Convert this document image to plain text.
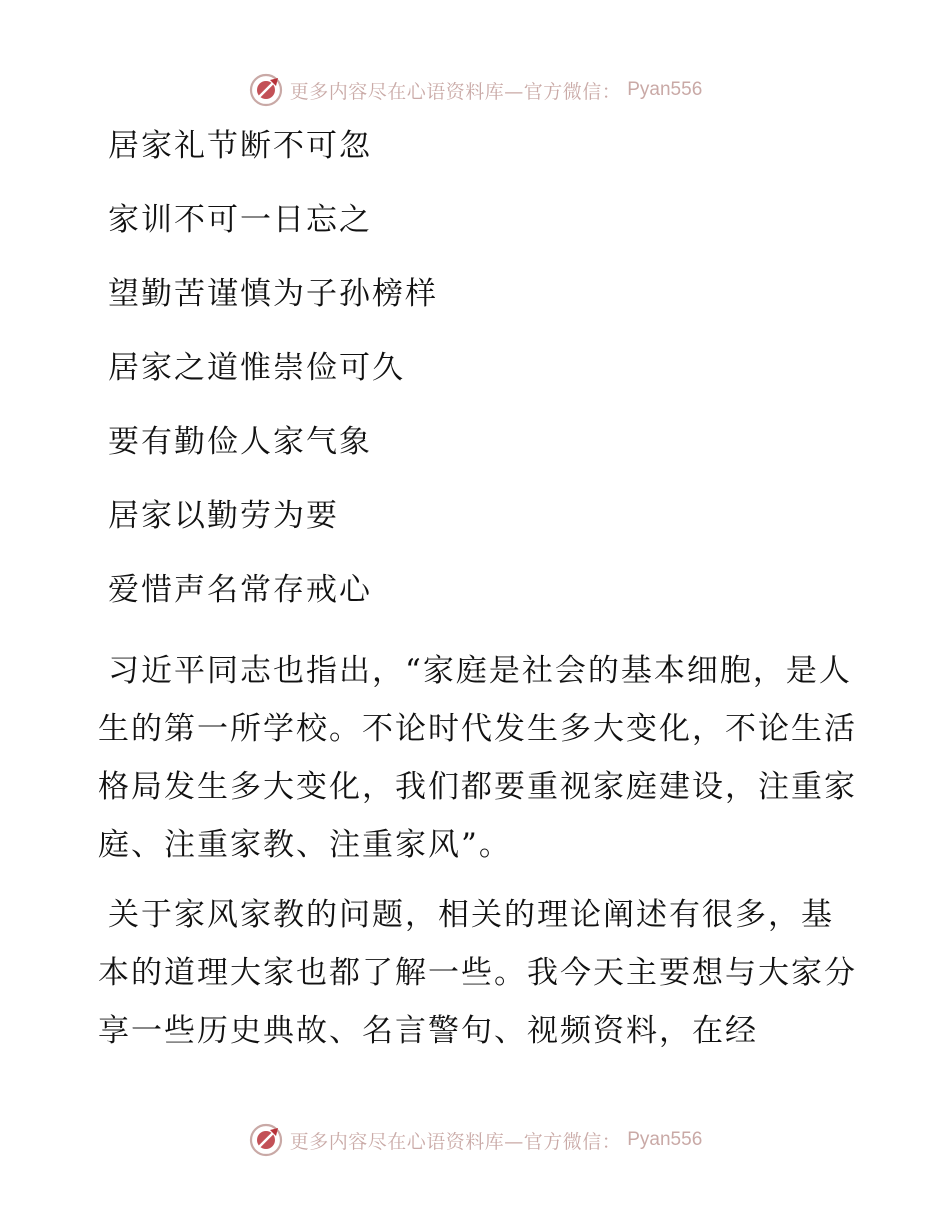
更多内容尽在心语资料库—官方微信： Pyan556
居家礼节断不可忽
家训不可一日忘之
望勤苦谨慎为子孙榜样
居家之道惟崇俭可久
要有勤俭人家气象
居家以勤劳为要
爱惜声名常存戒心
习近平同志也指出，“家庭是社会的基本细胞，是人生的第一所学校。不论时代发生多大变化，不论生活格局发生多大变化，我们都要重视家庭建设，注重家庭、注重家教、注重家风”。
关于家风家教的问题，相关的理论阐述有很多，基本的道理大家也都了解一些。我今天主要想与大家分享一些历史典故、名言警句、视频资料，在经
更多内容尽在心语资料库—官方微信： Pyan556
